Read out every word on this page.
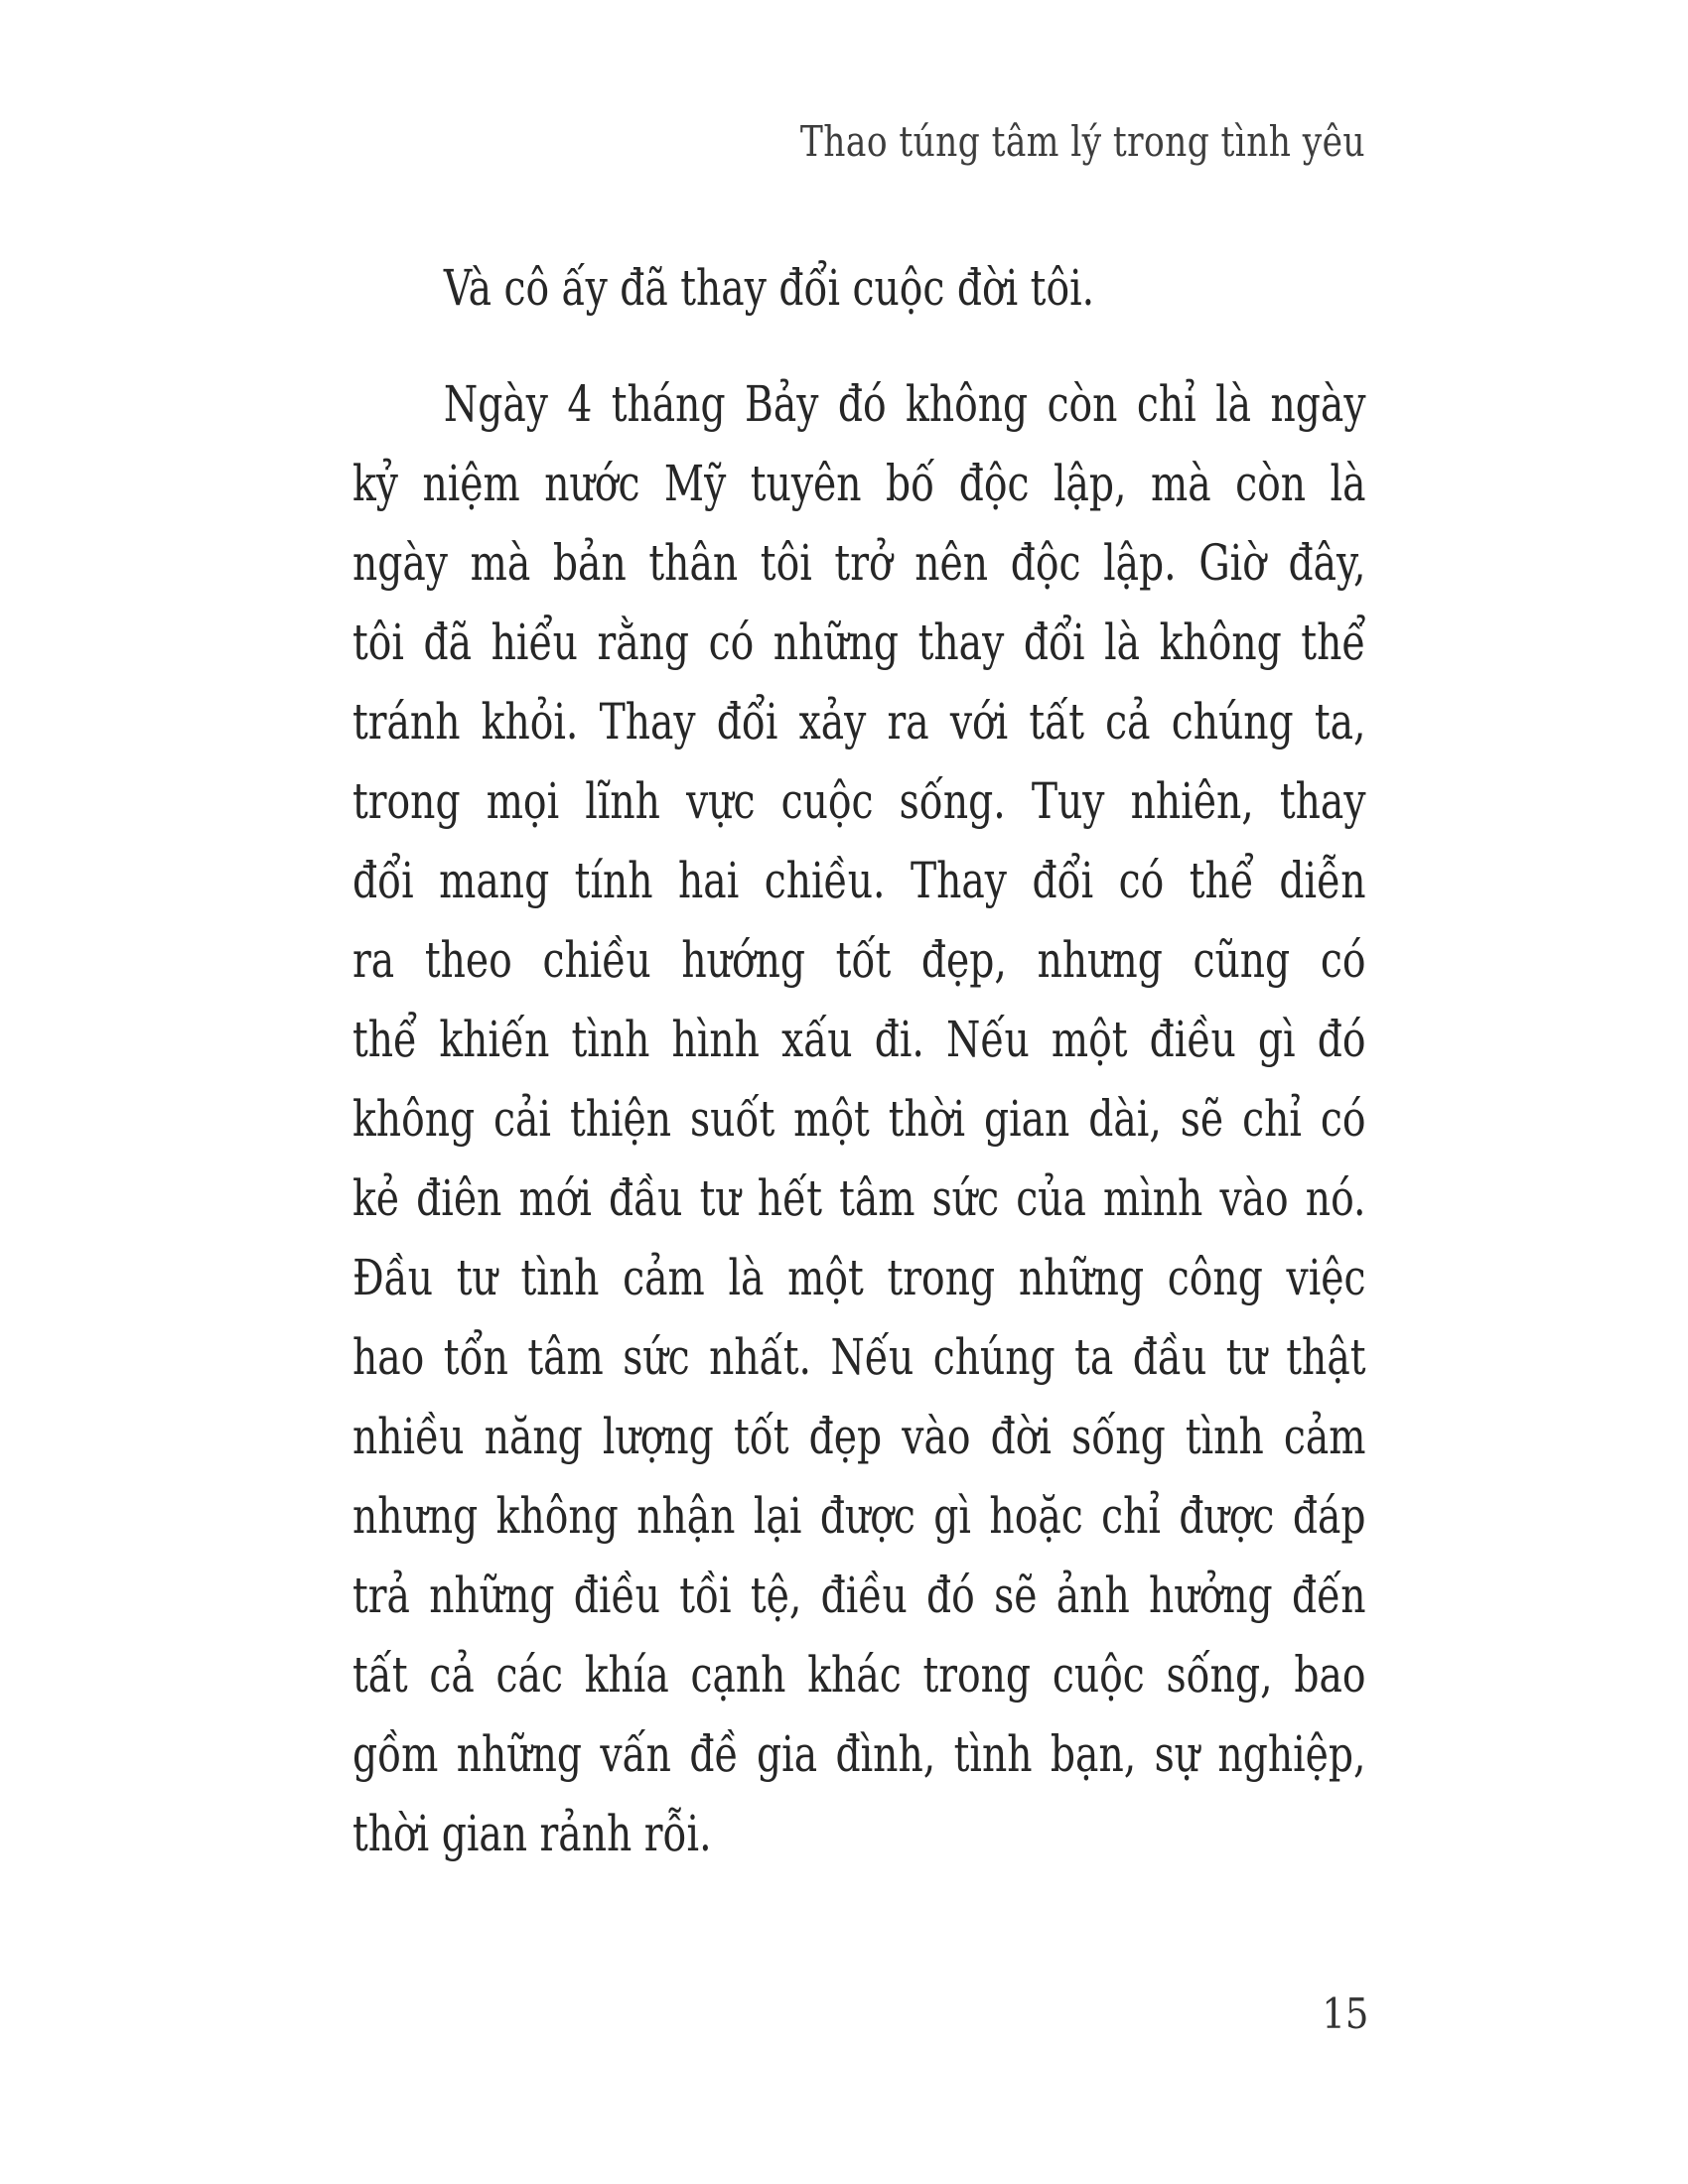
Thao túng tâm lý trong tình yêu
Và cô ấy đã thay đổi cuộc đời tôi.
Ngày 4 tháng Bảy đó không còn chỉ là ngày
kỷ niệm nước Mỹ tuyên bố độc lập, mà còn là
ngày mà bản thân tôi trở nên độc lập. Giờ đây,
tôi đã hiểu rằng có những thay đổi là không thể
tránh khỏi. Thay đổi xảy ra với tất cả chúng ta,
trong mọi lĩnh vực cuộc sống. Tuy nhiên, thay
đổi mang tính hai chiều. Thay đổi có thể diễn
ra theo chiều hướng tốt đẹp, nhưng cũng có
thể khiến tình hình xấu đi. Nếu một điều gì đó
không cải thiện suốt một thời gian dài, sẽ chỉ có
kẻ điên mới đầu tư hết tâm sức của mình vào nó.
Đầu tư tình cảm là một trong những công việc
hao tổn tâm sức nhất. Nếu chúng ta đầu tư thật
nhiều năng lượng tốt đẹp vào đời sống tình cảm
nhưng không nhận lại được gì hoặc chỉ được đáp
trả những điều tồi tệ, điều đó sẽ ảnh hưởng đến
tất cả các khía cạnh khác trong cuộc sống, bao
gồm những vấn đề gia đình, tình bạn, sự nghiệp,
thời gian rảnh rỗi.
15
